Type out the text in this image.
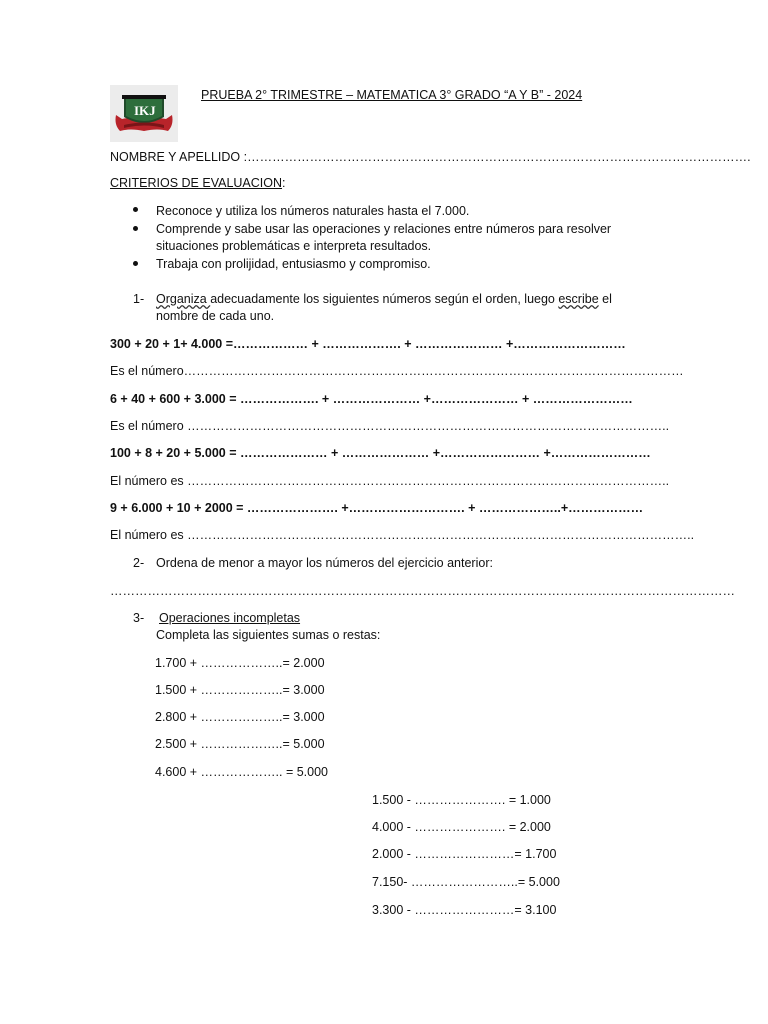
IKJ
PRUEBA 2° TRIMESTRE – MATEMATICA 3° GRADO “A Y B” - 2024
NOMBRE Y APELLIDO :………………………………………………………………………………………………………….
CRITERIOS DE EVALUACION:
Reconoce y utiliza los números naturales hasta el 7.000.
Comprende y sabe usar las operaciones y relaciones entre números para resolver
situaciones problemáticas e interpreta resultados.
Trabaja con prolijidad, entusiasmo y compromiso.
1- Organiza adecuadamente los siguientes números según el orden, luego escribe el
nombre de cada uno.
300 + 20 + 1+ 4.000 =……………… + ………………. + ………………… +………………………
Es el número…………………………………………………………………………………………………………
6 + 40 + 600 + 3.000 = ………………. + ………………… +………………… + ……………………
Es el número ……………………………………………………………………………………………………..
100 + 8 + 20 + 5.000 = ………………… + ………………… +…………………… +……………………
El número es ……………………………………………………………………………………………………..
9 + 6.000 + 10 + 2000 = …………………. +………………………. + ………………..+………………
El número es …………………………………………………………………………………………………………..
2- Ordena de menor a mayor los números del ejercicio anterior:
……………………………………………………………………………………………………………………………………
3- Operaciones incompletas
Completa las siguientes sumas o restas:
1.700 + ………………..= 2.000
1.500 + ………………..= 3.000
2.800 + ………………..= 3.000
2.500 + ………………..= 5.000
4.600 + ……………….. = 5.000
1.500 - …………………. = 1.000
4.000 - …………………. = 2.000
2.000 - ……………………= 1.700
7.150- ……………………..= 5.000
3.300 - ……………………= 3.100
